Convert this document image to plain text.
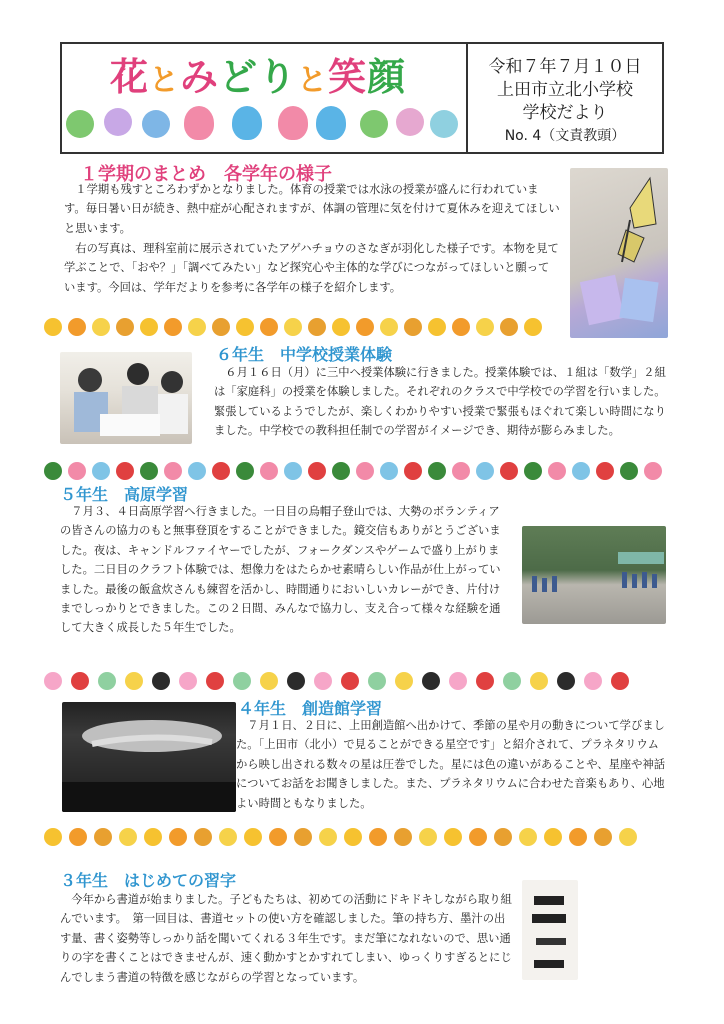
花とみどりと笑顔	令和７年７月１０日
上田市立北小学校
学校だより
No. 4（文責教頭）
１学期のまとめ　各学年の様子
１学期も残すところわずかとなりました。体育の授業では水泳の授業が盛んに行われています。毎日暑い日が続き、熱中症が心配されますが、体調の管理に気を付けて夏休みを迎えてほしいと思います。
右の写真は、理科室前に展示されていたアゲハチョウのさなぎが羽化した様子です。本物を見て学ぶことで、「おや？」「調べてみたい」など探究心や主体的な学びにつながってほしいと願っています。今回は、学年だよりを参考に各学年の様子を紹介します。
６年生　中学校授業体験
６月１６日（月）に三中へ授業体験に行きました。授業体験では、１組は「数学」２組は「家庭科」の授業を体験しました。それぞれのクラスで中学校での学習を行いました。緊張しているようでしたが、楽しくわかりやすい授業で緊張もほぐれて楽しい時間になりました。中学校での教科担任制での学習がイメージでき、期待が膨らみました。
５年生　高原学習
７月３、４日高原学習へ行きました。一日目の烏帽子登山では、大勢のボランティアの皆さんの協力のもと無事登頂をすることができました。鏡交信もありがとうございました。夜は、キャンドルファイヤーでしたが、フォークダンスやゲームで盛り上がりました。二日目のクラフト体験では、想像力をはたらかせ素晴らしい作品が仕上がっていました。最後の飯盒炊さんも練習を活かし、時間通りにおいしいカレーができ、片付けまでしっかりとできました。この２日間、みんなで協力し、支え合って様々な経験を通して大きく成長した５年生でした。
４年生　創造館学習
７月１日、２日に、上田創造館へ出かけて、季節の星や月の動きについて学びました。「上田市（北小）で見ることができる星空です」と紹介されて、プラネタリウムから映し出される数々の星は圧巻でした。星には色の違いがあることや、星座や神話についてお話をお聞きしました。また、プラネタリウムに合わせた音楽もあり、心地よい時間ともなりました。
３年生　はじめての習字
今年から書道が始まりました。子どもたちは、初めての活動にドキドキしながら取り組んでいます。　第一回目は、書道セットの使い方を確認しました。筆の持ち方、墨汁の出す量、書く姿勢等しっかり話を聞いてくれる３年生です。まだ筆になれないので、思い通りの字を書くことはできませんが、速く動かすとかすれてしまい、ゆっくりすぎるとにじんでしまう書道の特徴を感じながらの学習となっています。
